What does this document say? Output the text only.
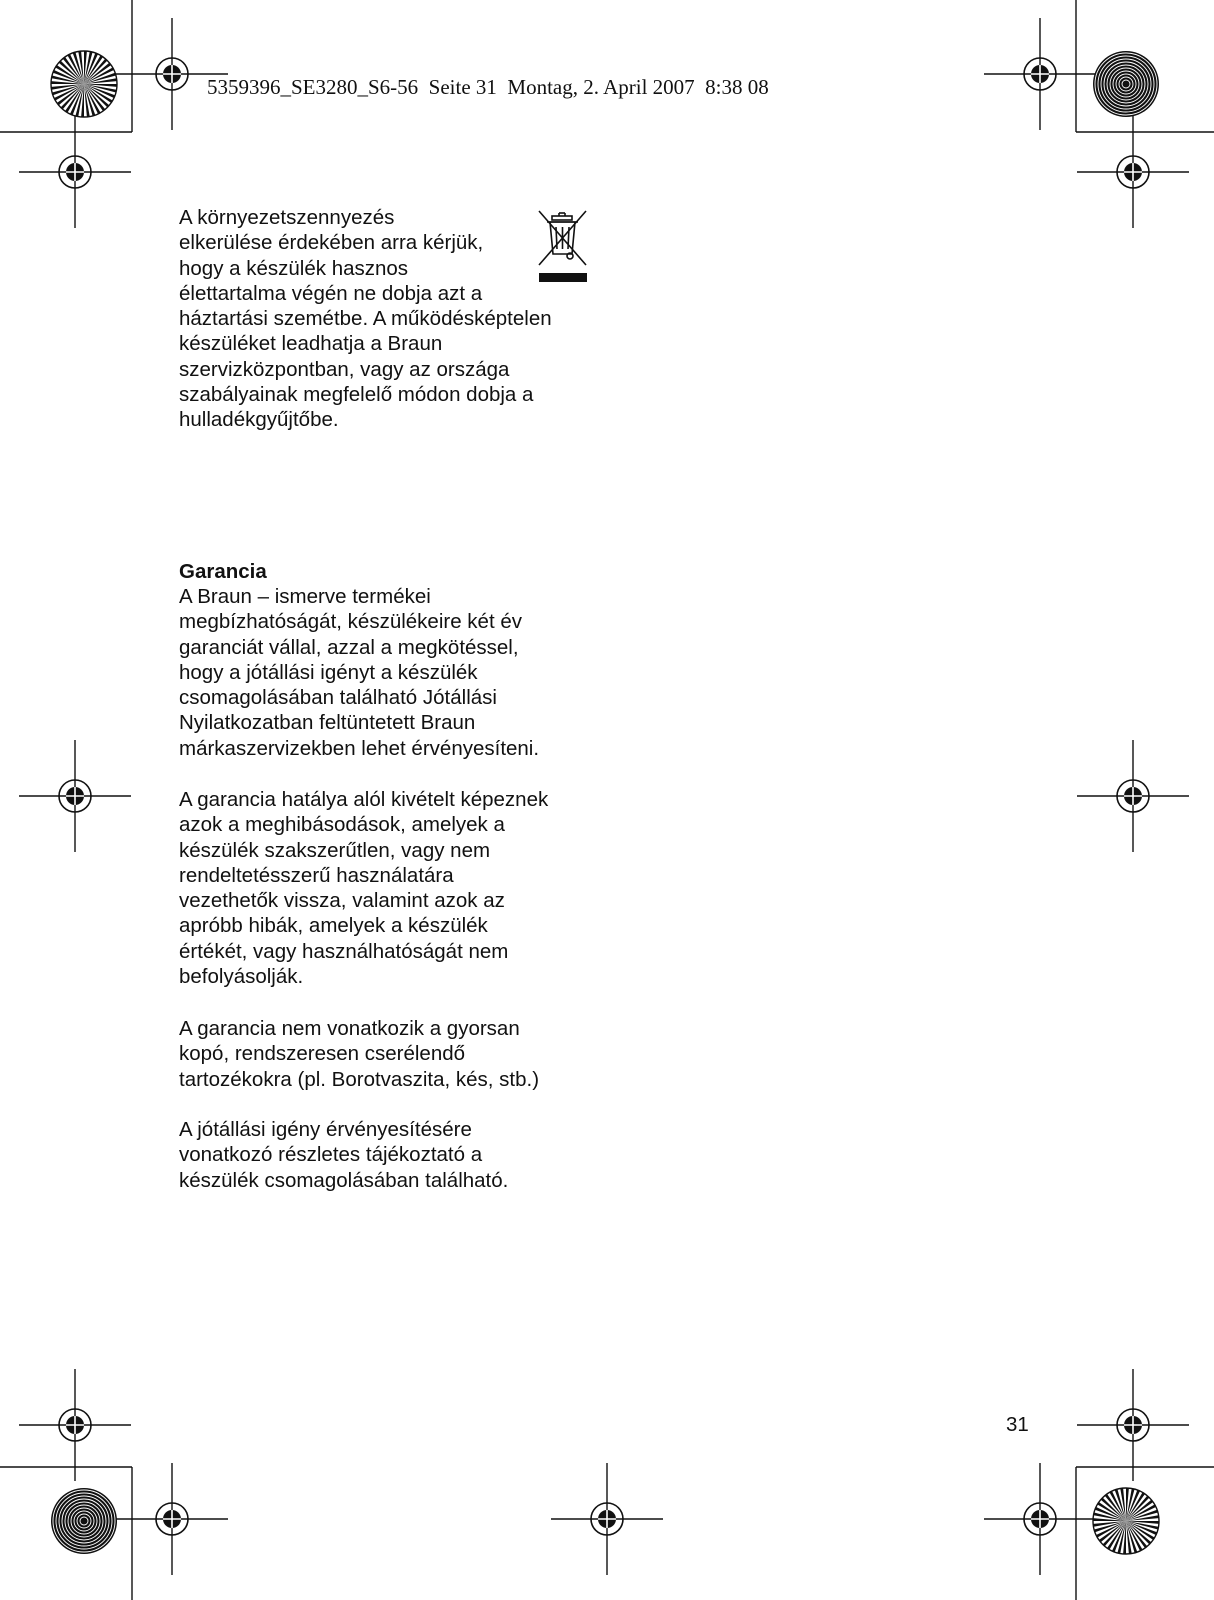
5359396_SE3280_S6-56  Seite 31  Montag, 2. April 2007  8:38 08

A környezetszennyezés
elkerülése érdekében arra kérjük,
hogy a készülék hasznos
élettartalma végén ne dobja azt a
háztartási szemétbe. A működésképtelen
készüléket leadhatja a Braun
szervizközpontban, vagy az országa
szabályainak megfelelő módon dobja a
hulladékgyűjtőbe.

Garancia

A Braun – ismerve termékei
megbízhatóságát, készülékeire két év
garanciát vállal, azzal a megkötéssel,
hogy a jótállási igényt a készülék
csomagolásában található Jótállási
Nyilatkozatban feltüntetett Braun
márkaszervizekben lehet érvényesíteni.

A garancia hatálya alól kivételt képeznek
azok a meghibásodások, amelyek a
készülék szakszerűtlen, vagy nem
rendeltetésszerű használatára
vezethetők vissza, valamint azok az
apróbb hibák, amelyek a készülék
értékét, vagy használhatóságát nem
befolyásolják.

A garancia nem vonatkozik a gyorsan
kopó, rendszeresen cserélendő
tartozékokra (pl. Borotvaszita, kés, stb.)

A jótállási igény érvényesítésére
vonatkozó részletes tájékoztató a
készülék csomagolásában található.

31
